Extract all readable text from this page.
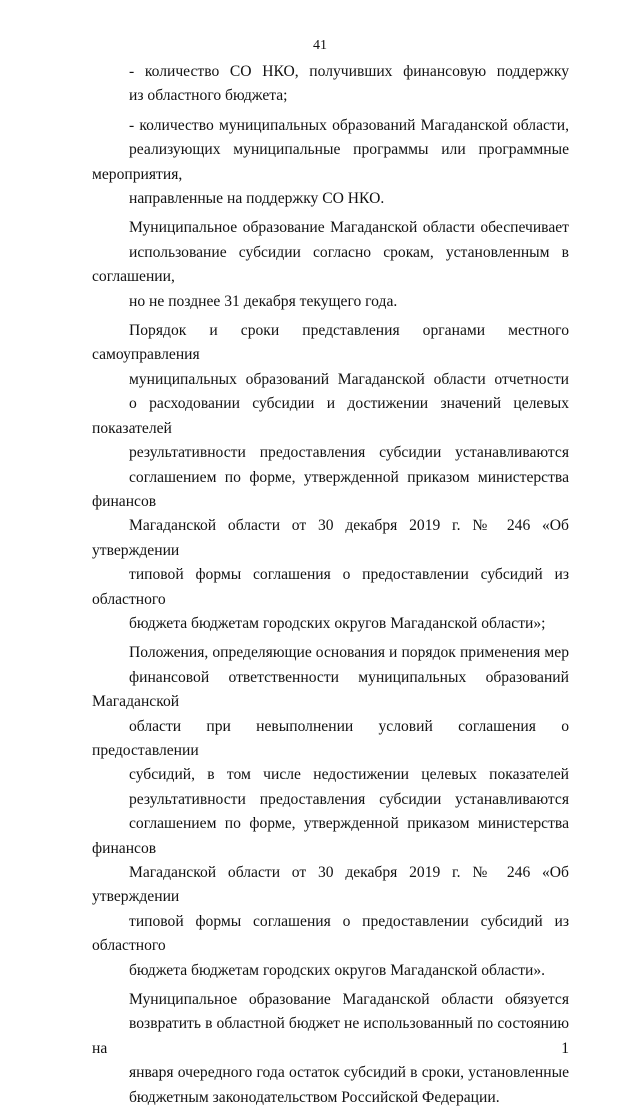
41

- количество СО НКО, получивших финансовую поддержку
из областного бюджета;

- количество муниципальных образований Магаданской области,
реализующих муниципальные программы или программные мероприятия,
направленные на поддержку СО НКО.

Муниципальное образование Магаданской области обеспечивает
использование субсидии согласно срокам, установленным в соглашении,
но не позднее 31 декабря текущего года.

Порядок и сроки представления органами местного самоуправления
муниципальных образований Магаданской области отчетности
о расходовании субсидии и достижении значений целевых показателей
результативности предоставления субсидии устанавливаются
соглашением по форме, утвержденной приказом министерства финансов
Магаданской области от 30 декабря 2019 г. № 246 «Об утверждении
типовой формы соглашения о предоставлении субсидий из областного
бюджета бюджетам городских округов Магаданской области»;

Положения, определяющие основания и порядок применения мер
финансовой ответственности муниципальных образований Магаданской
области при невыполнении условий соглашения о предоставлении
субсидий, в том числе недостижении целевых показателей
результативности предоставления субсидии устанавливаются
соглашением по форме, утвержденной приказом министерства финансов
Магаданской области от 30 декабря 2019 г. № 246 «Об утверждении
типовой формы соглашения о предоставлении субсидий из областного
бюджета бюджетам городских округов Магаданской области».

Муниципальное образование Магаданской области обязуется
возвратить в областной бюджет не использованный по состоянию на 1
января очередного года остаток субсидий в сроки, установленные
бюджетным законодательством Российской Федерации.
